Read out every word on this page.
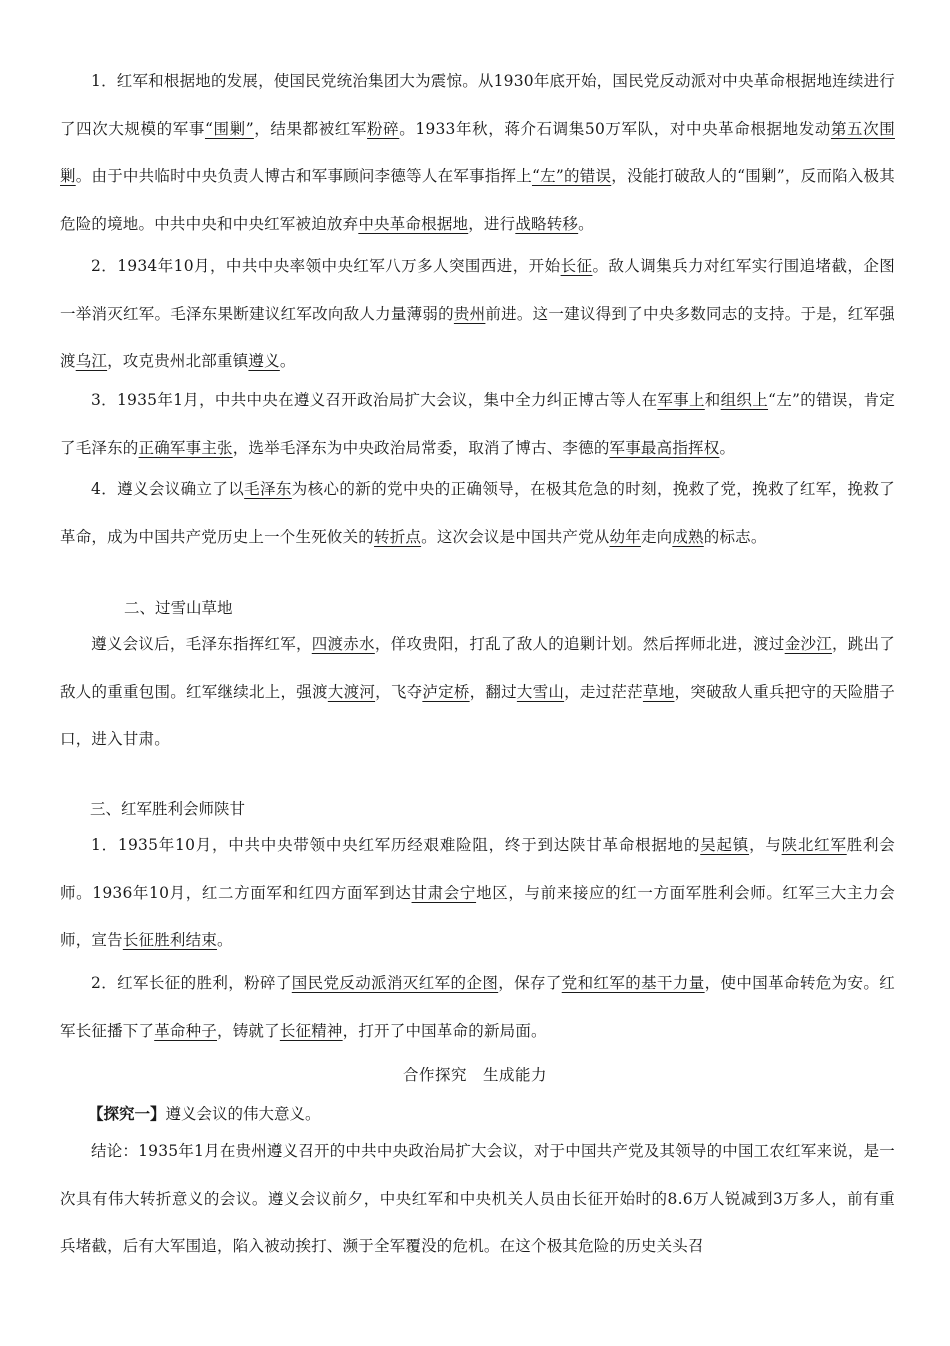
1．红军和根据地的发展，使国民党统治集团大为震惊。从1930年底开始，国民党反动派对中央革命根据地连续进行了四次大规模的军事“围剿”，结果都被红军粉碎。1933年秋，蒋介石调集50万军队，对中央革命根据地发动第五次围剿。由于中共临时中央负责人博古和军事顾问李德等人在军事指挥上“左”的错误，没能打破敌人的“围剿”，反而陷入极其危险的境地。中共中央和中央红军被迫放弃中央革命根据地，进行战略转移。

2．1934年10月，中共中央率领中央红军八万多人突围西进，开始长征。敌人调集兵力对红军实行围追堵截，企图一举消灭红军。毛泽东果断建议红军改向敌人力量薄弱的贵州前进。这一建议得到了中央多数同志的支持。于是，红军强渡乌江，攻克贵州北部重镇遵义。

3．1935年1月，中共中央在遵义召开政治局扩大会议，集中全力纠正博古等人在军事上和组织上“左”的错误，肯定了毛泽东的正确军事主张，选举毛泽东为中央政治局常委，取消了博古、李德的军事最高指挥权。

4．遵义会议确立了以毛泽东为核心的新的党中央的正确领导，在极其危急的时刻，挽救了党，挽救了红军，挽救了革命，成为中国共产党历史上一个生死攸关的转折点。这次会议是中国共产党从幼年走向成熟的标志。

二、过雪山草地

遵义会议后，毛泽东指挥红军，四渡赤水，佯攻贵阳，打乱了敌人的追剿计划。然后挥师北进，渡过金沙江，跳出了敌人的重重包围。红军继续北上，强渡大渡河，飞夺泸定桥，翻过大雪山，走过茫茫草地，突破敌人重兵把守的天险腊子口，进入甘肃。

三、红军胜利会师陕甘

1．1935年10月，中共中央带领中央红军历经艰难险阻，终于到达陕甘革命根据地的吴起镇，与陕北红军胜利会师。1936年10月，红二方面军和红四方面军到达甘肃会宁地区，与前来接应的红一方面军胜利会师。红军三大主力会师，宣告长征胜利结束。

2．红军长征的胜利，粉碎了国民党反动派消灭红军的企图，保存了党和红军的基干力量，使中国革命转危为安。红军长征播下了革命种子，铸就了长征精神，打开了中国革命的新局面。

合作探究　生成能力

【探究一】遵义会议的伟大意义。

结论：1935年1月在贵州遵义召开的中共中央政治局扩大会议，对于中国共产党及其领导的中国工农红军来说，是一次具有伟大转折意义的会议。遵义会议前夕，中央红军和中央机关人员由长征开始时的8.6万人锐减到3万多人，前有重兵堵截，后有大军围追，陷入被动挨打、濒于全军覆没的危机。在这个极其危险的历史关头召
